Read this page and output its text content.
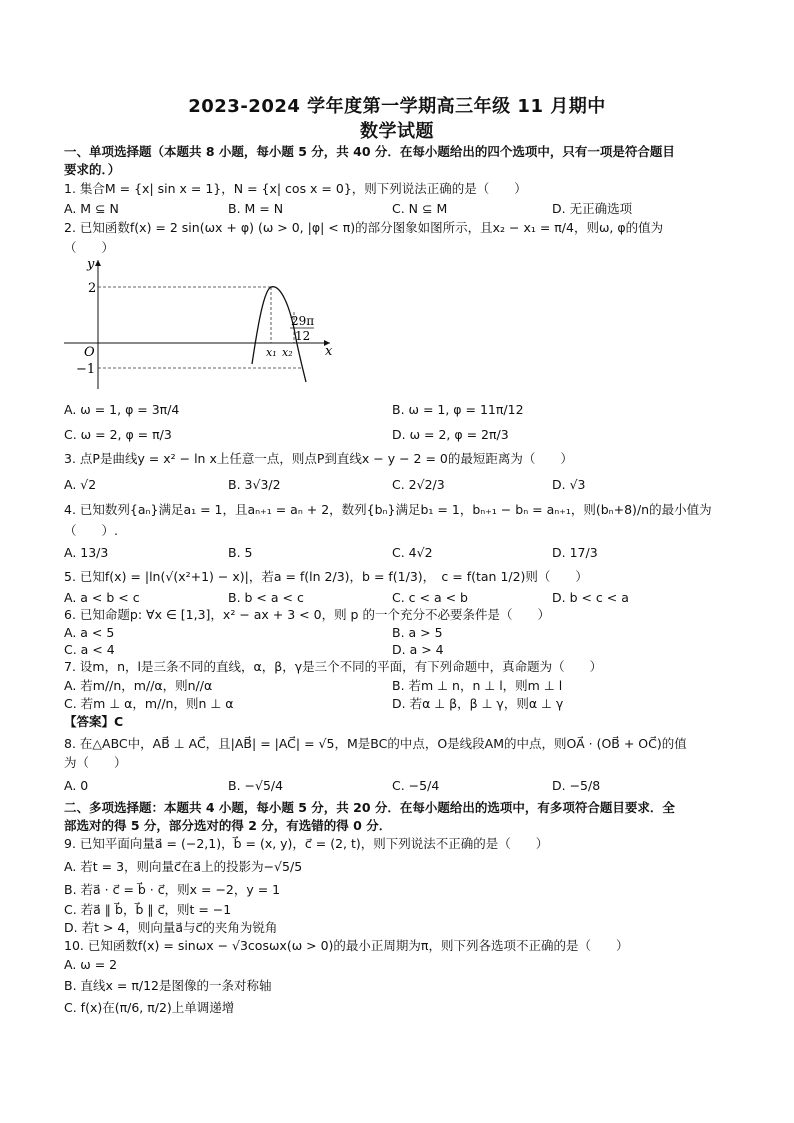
2023-2024 学年度第一学期高三年级 11 月期中
数学试题
一、单项选择题（本题共 8 小题，每小题 5 分，共 40 分．在每小题给出的四个选项中，只有一项是符合题目
要求的．）
1. 集合M = {x| sin x = 1}，N = {x| cos x = 0}，则下列说法正确的是（　　）
A. M ⊆ N	B. M = N	C. N ⊆ M	D. 无正确选项
2. 已知函数f(x) = 2 sin(ωx + φ) (ω > 0, |φ| < π)的部分图象如图所示，且x₂ − x₁ = π/4，则ω, φ的值为
（　　）
y
x
O
2
−1
x₁ x₂
29π
12
A. ω = 1, φ = 3π/4	B. ω = 1, φ = 11π/12
C. ω = 2, φ = π/3	D. ω = 2, φ = 2π/3
3. 点P是曲线y = x² − ln x上任意一点，则点P到直线x − y − 2 = 0的最短距离为（　　）
A. √2	B. 3√3/2	C. 2√2/3	D. √3
4. 已知数列{aₙ}满足a₁ = 1，且aₙ₊₁ = aₙ + 2，数列{bₙ}满足b₁ = 1，bₙ₊₁ − bₙ = aₙ₊₁，则(bₙ+8)/n的最小值为
（　　）.
A. 13/3	B. 5	C. 4√2	D. 17/3
5. 已知f(x) = |ln(√(x²+1) − x)|，若a = f(ln 2/3)，b = f(1/3)，　c = f(tan 1/2)则（　　）
A. a < b < c	B. b < a < c	C. c < a < b	D. b < c < a
6. 已知命题p: ∀x ∈ [1,3]，x² − ax + 3 < 0，则 p 的一个充分不必要条件是（　　）
A. a < 5	B. a > 5
C. a < 4	D. a > 4
7. 设m，n，l是三条不同的直线，α，β，γ是三个不同的平面，有下列命题中，真命题为（　　）
A. 若m//n，m//α，则n//α	B. 若m ⊥ n，n ⊥ l，则m ⊥ l
C. 若m ⊥ α，m//n，则n ⊥ α	D. 若α ⊥ β，β ⊥ γ，则α ⊥ γ
【答案】C
8. 在△ABC中，AB⃗ ⊥ AC⃗，且|AB⃗| = |AC⃗| = √5，M是BC的中点，O是线段AM的中点，则OA⃗ · (OB⃗ + OC⃗)的值
为（　　）
A. 0	B. −√5/4	C. −5/4	D. −5/8
二、多项选择题：本题共 4 小题，每小题 5 分，共 20 分．在每小题给出的选项中，有多项符合题目要求．全
部选对的得 5 分，部分选对的得 2 分，有选错的得 0 分．
9. 已知平面向量a⃗ = (−2,1)，b⃗ = (x, y)，c⃗ = (2, t)，则下列说法不正确的是（　　）
A. 若t = 3，则向量c⃗在a⃗上的投影为−√5/5
B. 若a⃗ · c⃗ = b⃗ · c⃗，则x = −2，y = 1
C. 若a⃗ ∥ b⃗，b⃗ ∥ c⃗，则t = −1
D. 若t > 4，则向量a⃗与c⃗的夹角为锐角
10. 已知函数f(x) = sinωx − √3cosωx(ω > 0)的最小正周期为π，则下列各选项不正确的是（　　）
A. ω = 2
B. 直线x = π/12是图像的一条对称轴
C. f(x)在(π/6, π/2)上单调递增
